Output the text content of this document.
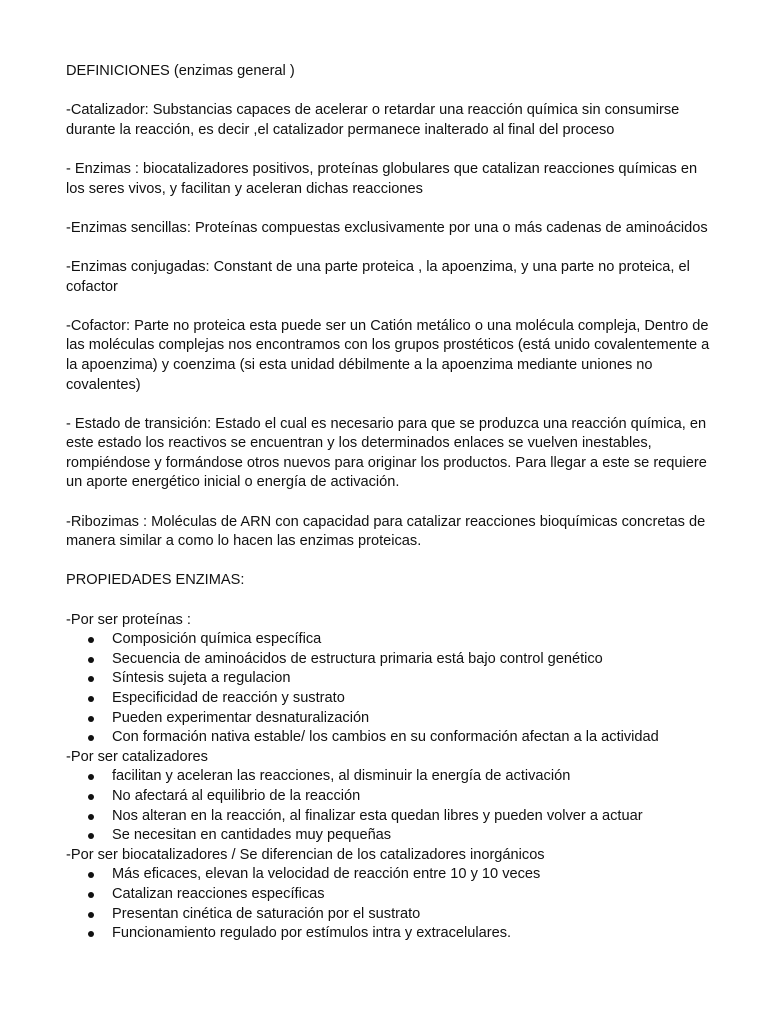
DEFINICIONES (enzimas general )

-Catalizador: Substancias capaces de acelerar o retardar una reacción química sin consumirse durante la reacción, es decir ,el catalizador permanece inalterado al final del proceso

- Enzimas : biocatalizadores positivos, proteínas globulares que catalizan reacciones químicas en los seres vivos, y facilitan y aceleran dichas reacciones

-Enzimas sencillas: Proteínas compuestas exclusivamente por una o más cadenas de aminoácidos

-Enzimas conjugadas: Constant de una parte proteica , la apoenzima, y una parte no proteica, el cofactor

-Cofactor: Parte no proteica esta puede ser un Catión metálico o una molécula compleja, Dentro de las moléculas complejas nos encontramos con los grupos prostéticos (está unido covalentemente a la apoenzima) y coenzima (si esta unidad débilmente a la apoenzima mediante uniones no covalentes)

- Estado de transición: Estado el cual es necesario para que se produzca una reacción química, en este estado los reactivos se encuentran y los determinados enlaces se vuelven inestables, rompiéndose y formándose otros nuevos para originar los productos. Para llegar a este se requiere un aporte energético inicial o energía de activación.

-Ribozimas : Moléculas de ARN con capacidad para catalizar reacciones bioquímicas concretas de manera similar a como lo hacen las enzimas proteicas.

PROPIEDADES ENZIMAS:

-Por ser proteínas :

Composición química específica
Secuencia de aminoácidos de estructura primaria está bajo control genético
Síntesis sujeta a regulacion
Especificidad de reacción y sustrato
Pueden experimentar desnaturalización
Con formación nativa estable/ los cambios en su conformación afectan a la actividad

-Por ser catalizadores

facilitan y aceleran las reacciones, al disminuir la energía de activación
No afectará al equilibrio de la reacción
Nos alteran en la reacción, al finalizar esta quedan libres y pueden volver a actuar
Se necesitan en cantidades muy pequeñas

-Por ser biocatalizadores / Se diferencian de los catalizadores inorgánicos

Más eficaces, elevan la velocidad de reacción entre 10 y 10 veces
Catalizan reacciones específicas
Presentan cinética de saturación por el sustrato
Funcionamiento regulado por estímulos intra y extracelulares.
